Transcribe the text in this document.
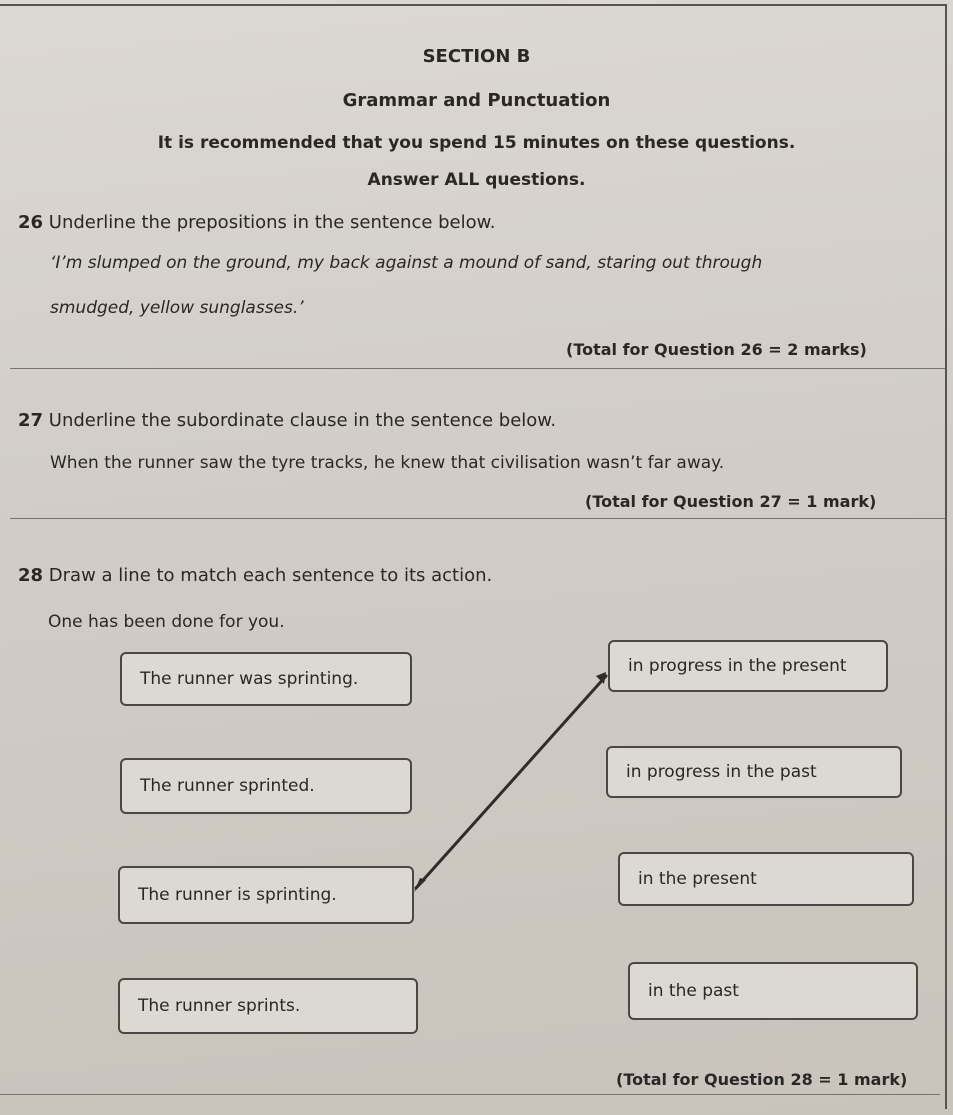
SECTION B
Grammar and Punctuation
It is recommended that you spend 15 minutes on these questions.
Answer ALL questions.
26 Underline the prepositions in the sentence below.
‘I’m slumped on the ground, my back against a mound of sand, staring out through
smudged, yellow sunglasses.’
(Total for Question 26 = 2 marks)
27 Underline the subordinate clause in the sentence below.
When the runner saw the tyre tracks, he knew that civilisation wasn’t far away.
(Total for Question 27 = 1 mark)
28 Draw a line to match each sentence to its action.
One has been done for you.
The runner was sprinting.
The runner sprinted.
The runner is sprinting.
The runner sprints.
in progress in the present
in progress in the past
in the present
in the past
(Total for Question 28 = 1 mark)
